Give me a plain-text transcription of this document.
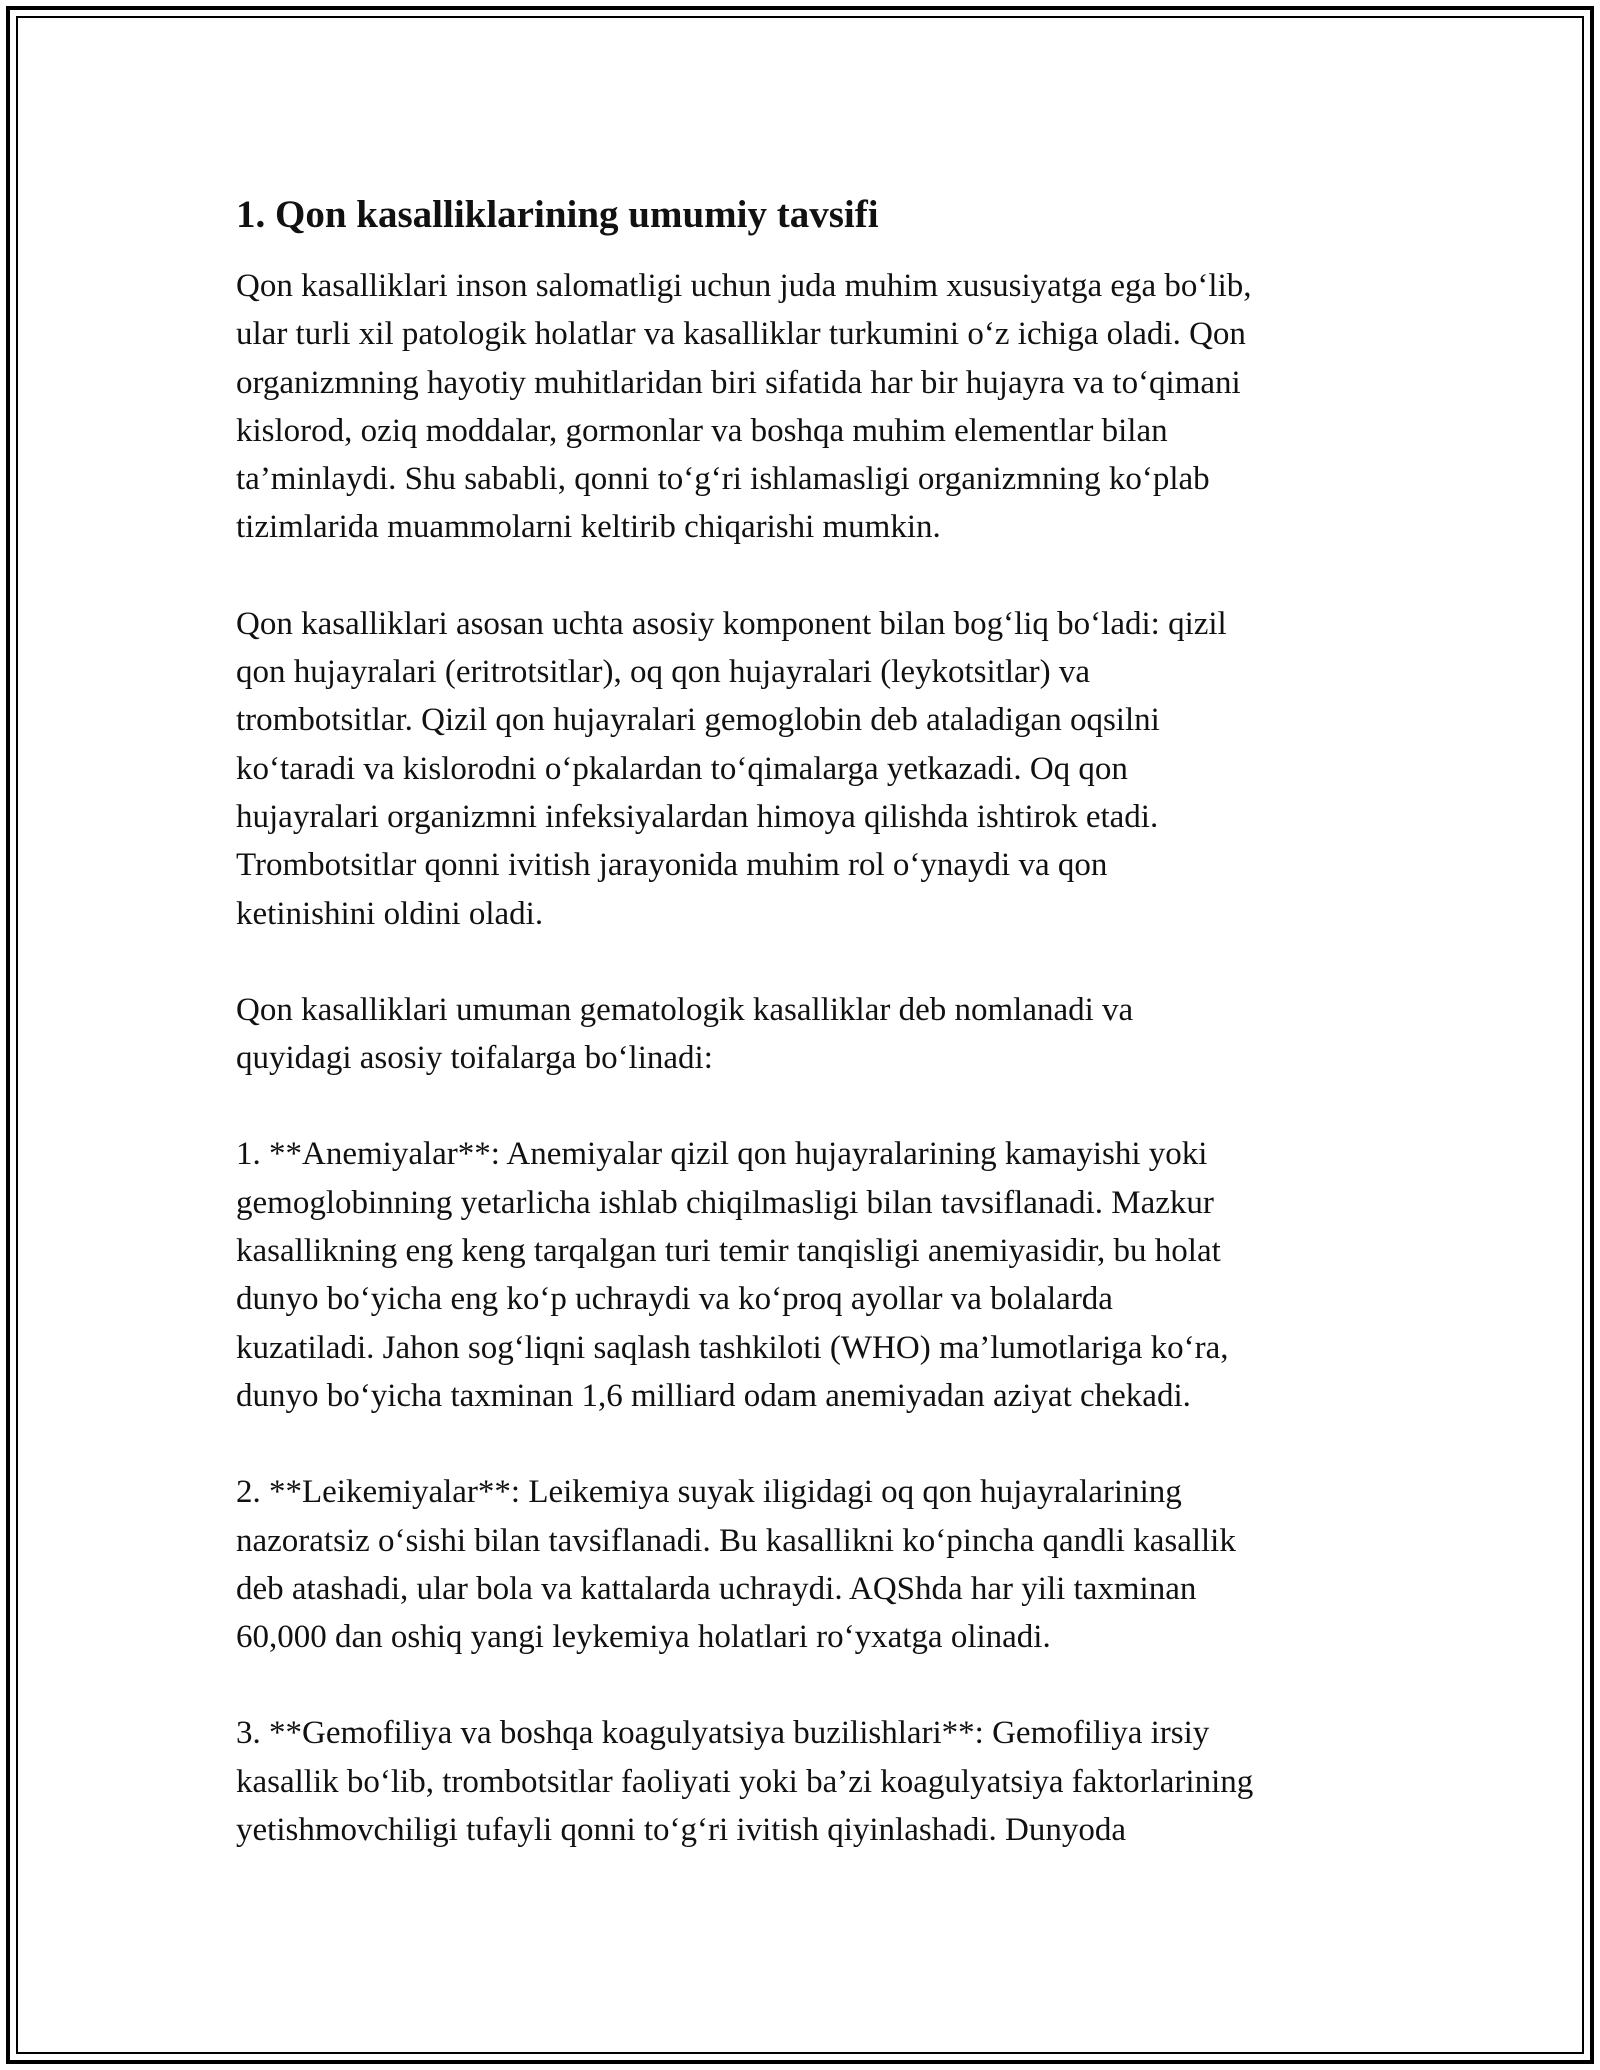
1. Qon kasalliklarining umumiy tavsifi

Qon kasalliklari inson salomatligi uchun juda muhim xususiyatga ega bo‘lib,
ular turli xil patologik holatlar va kasalliklar turkumini o‘z ichiga oladi. Qon
organizmning hayotiy muhitlaridan biri sifatida har bir hujayra va to‘qimani
kislorod, oziq moddalar, gormonlar va boshqa muhim elementlar bilan
ta’minlaydi. Shu sababli, qonni to‘g‘ri ishlamasligi organizmning ko‘plab
tizimlarida muammolarni keltirib chiqarishi mumkin.

Qon kasalliklari asosan uchta asosiy komponent bilan bog‘liq bo‘ladi: qizil
qon hujayralari (eritrotsitlar), oq qon hujayralari (leykotsitlar) va
trombotsitlar. Qizil qon hujayralari gemoglobin deb ataladigan oqsilni
ko‘taradi va kislorodni o‘pkalardan to‘qimalarga yetkazadi. Oq qon
hujayralari organizmni infeksiyalardan himoya qilishda ishtirok etadi.
Trombotsitlar qonni ivitish jarayonida muhim rol o‘ynaydi va qon
ketinishini oldini oladi.

Qon kasalliklari umuman gematologik kasalliklar deb nomlanadi va
quyidagi asosiy toifalarga bo‘linadi:

1. **Anemiyalar**: Anemiyalar qizil qon hujayralarining kamayishi yoki
gemoglobinning yetarlicha ishlab chiqilmasligi bilan tavsiflanadi. Mazkur
kasallikning eng keng tarqalgan turi temir tanqisligi anemiyasidir, bu holat
dunyo bo‘yicha eng ko‘p uchraydi va ko‘proq ayollar va bolalarda
kuzatiladi. Jahon sog‘liqni saqlash tashkiloti (WHO) ma’lumotlariga ko‘ra,
dunyo bo‘yicha taxminan 1,6 milliard odam anemiyadan aziyat chekadi.

2. **Leikemiyalar**: Leikemiya suyak iligidagi oq qon hujayralarining
nazoratsiz o‘sishi bilan tavsiflanadi. Bu kasallikni ko‘pincha qandli kasallik
deb atashadi, ular bola va kattalarda uchraydi. AQShda har yili taxminan
60,000 dan oshiq yangi leykemiya holatlari ro‘yxatga olinadi.

3. **Gemofiliya va boshqa koagulyatsiya buzilishlari**: Gemofiliya irsiy
kasallik bo‘lib, trombotsitlar faoliyati yoki ba’zi koagulyatsiya faktorlarining
yetishmovchiligi tufayli qonni to‘g‘ri ivitish qiyinlashadi. Dunyoda
